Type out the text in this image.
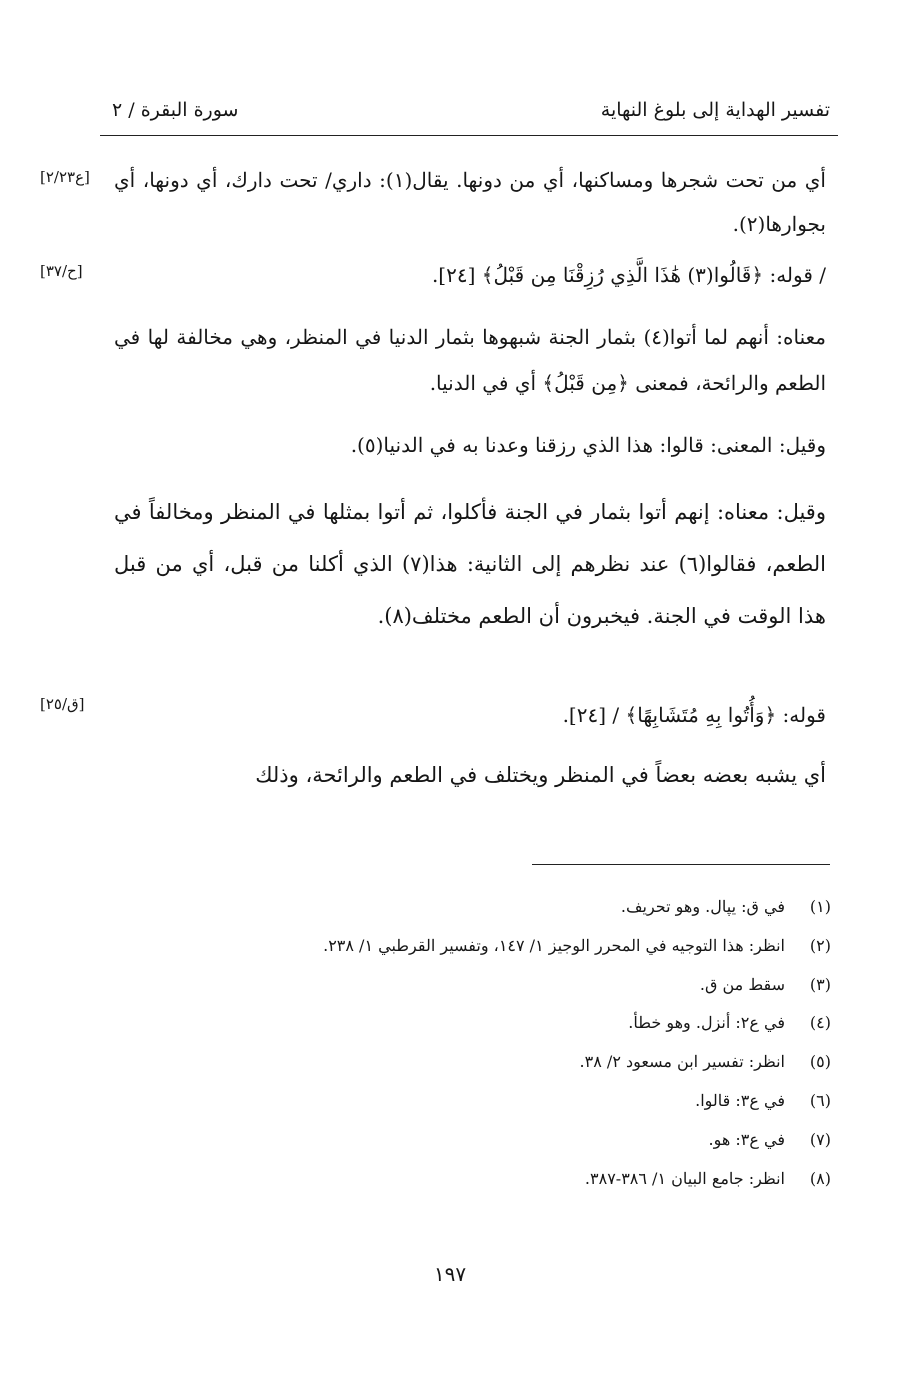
تفسير الهداية إلى بلوغ النهاية
سورة البقرة / ٢
[ع٢/٢٣]
[ح/٣٧]
[ق/٢٥]
أي من تحت شجرها ومساكنها، أي من دونها. يقال(١): داري/ تحت دارك، أي دونها، أي بجوارها(٢).
/ قوله: ﴿قَالُوا(٣) هَٰذَا الَّذِي رُزِقْنَا مِن قَبْلُ﴾ [٢٤].
معناه: أنهم لما أتوا(٤) بثمار الجنة شبهوها بثمار الدنيا في المنظر، وهي مخالفة لها في الطعم والرائحة، فمعنى ﴿مِن قَبْلُ﴾ أي في الدنيا.
وقيل: المعنى: قالوا: هذا الذي رزقنا وعدنا به في الدنيا(٥).
وقيل: معناه: إنهم أتوا بثمار في الجنة فأكلوا، ثم أتوا بمثلها في المنظر ومخالفاً في الطعم، فقالوا(٦) عند نظرهم إلى الثانية: هذا(٧) الذي أكلنا من قبل، أي من قبل هذا الوقت في الجنة. فيخبرون أن الطعم مختلف(٨).
قوله: ﴿وَأُتُوا بِهِ مُتَشَابِهًا﴾ / [٢٤].
أي يشبه بعضه بعضاً في المنظر ويختلف في الطعم والرائحة، وذلك
(١)في ق: يپال. وهو تحريف.
(٢)انظر: هذا التوجيه في المحرر الوجيز ١/ ١٤٧، وتفسير القرطبي ١/ ٢٣٨.
(٣)سقط من ق.
(٤)في ع٢: أنزل. وهو خطأ.
(٥)انظر: تفسير ابن مسعود ٢/ ٣٨.
(٦)في ع٣: قالوا.
(٧)في ع٣: هو.
(٨)انظر: جامع البيان ١/ ٣٨٦-٣٨٧.
١٩٧
